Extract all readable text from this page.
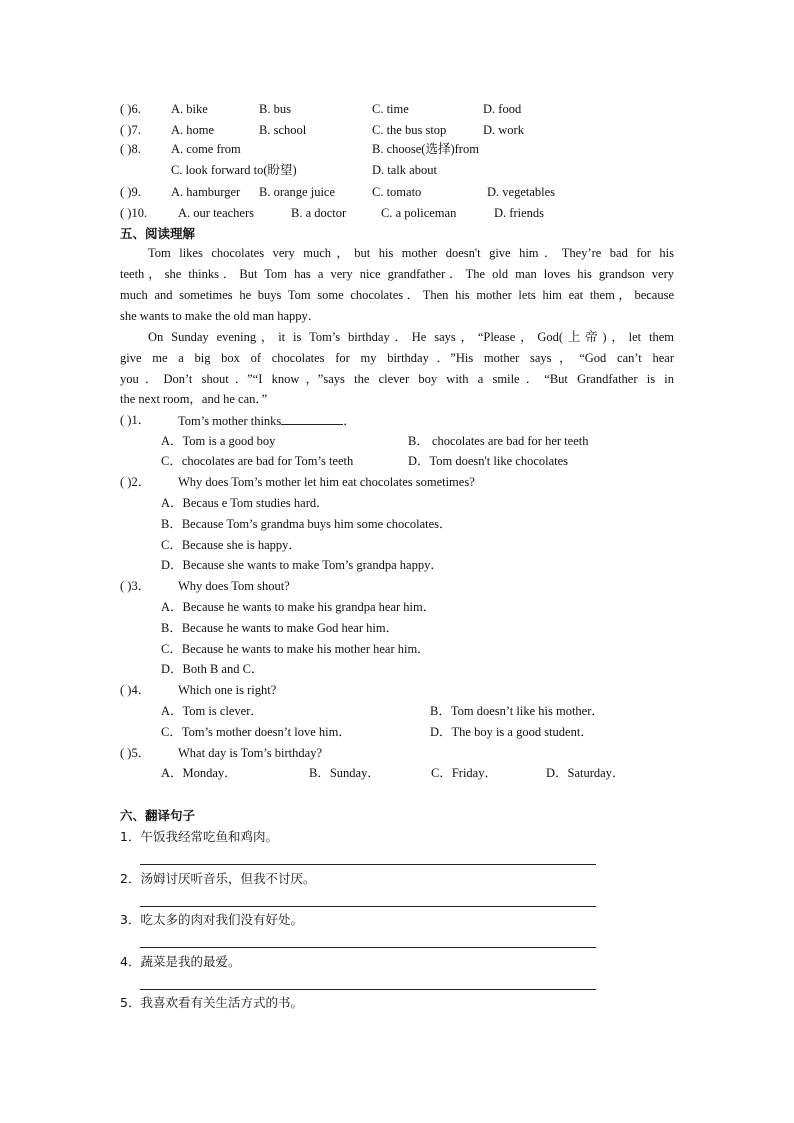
( )6. A. bike	B. bus	C. time	D. food
( )7. A. home	B. school	C. the bus stop	D. work
( )8. A. come from	B. choose(选择)from
C. look forward to(盼望)	D. talk about
( )9. A. hamburger B. orange juice	C. tomato	D. vegetables
( )10. A. our teachers	B. a doctor	C. a policeman	D. friends
五、阅读理解
Tom likes chocolates very much，but his mother doesn't give him．They’re bad for his
teeth，she thinks．But Tom has a very nice grandfather．The old man loves his grandson very
much and sometimes he buys Tom some chocolates．Then his mother lets him eat them，because
she wants to make the old man happy．
On Sunday evening，it is Tom’s birthday．He says，“Please，God(上帝)，let them
give me a big box of chocolates for my birthday．”His mother says，“God can’t hear
you．Don’t shout．”“I know，”says the clever boy with a smile．“But Grandfather is in
the next room，and he can．”
( )1． Tom’s mother thinks	．
A．Tom is a good boy	B． chocolates are bad for her teeth
C．chocolates are bad for Tom’s teeth	D．Tom doesn't like chocolates
( )2． Why does Tom’s mother let him eat chocolates sometimes?
A．Becaus e Tom studies hard．
B．Because Tom’s grandma buys him some chocolates．
C．Because she is happy．
D．Because she wants to make Tom’s grandpa happy．
( )3． Why does Tom shout?
A．Because he wants to make his grandpa hear him．
B．Because he wants to make God hear him．
C．Because he wants to make his mother hear him．
D．Both B and C．
( )4． Which one is right?
A．Tom is clever．	B．Tom doesn’t like his mother．
C．Tom’s mother doesn’t love him．	D．The boy is a good student．
( )5． What day is Tom’s birthday?
A．Monday．	B．Sunday．	C．Friday．	D．Saturday．
六、翻译句子
1．午饭我经常吃鱼和鸡肉。
2．汤姆讨厌听音乐，但我不讨厌。
3．吃太多的肉对我们没有好处。
4．蔬菜是我的最爱。
5．我喜欢看有关生活方式的书。
